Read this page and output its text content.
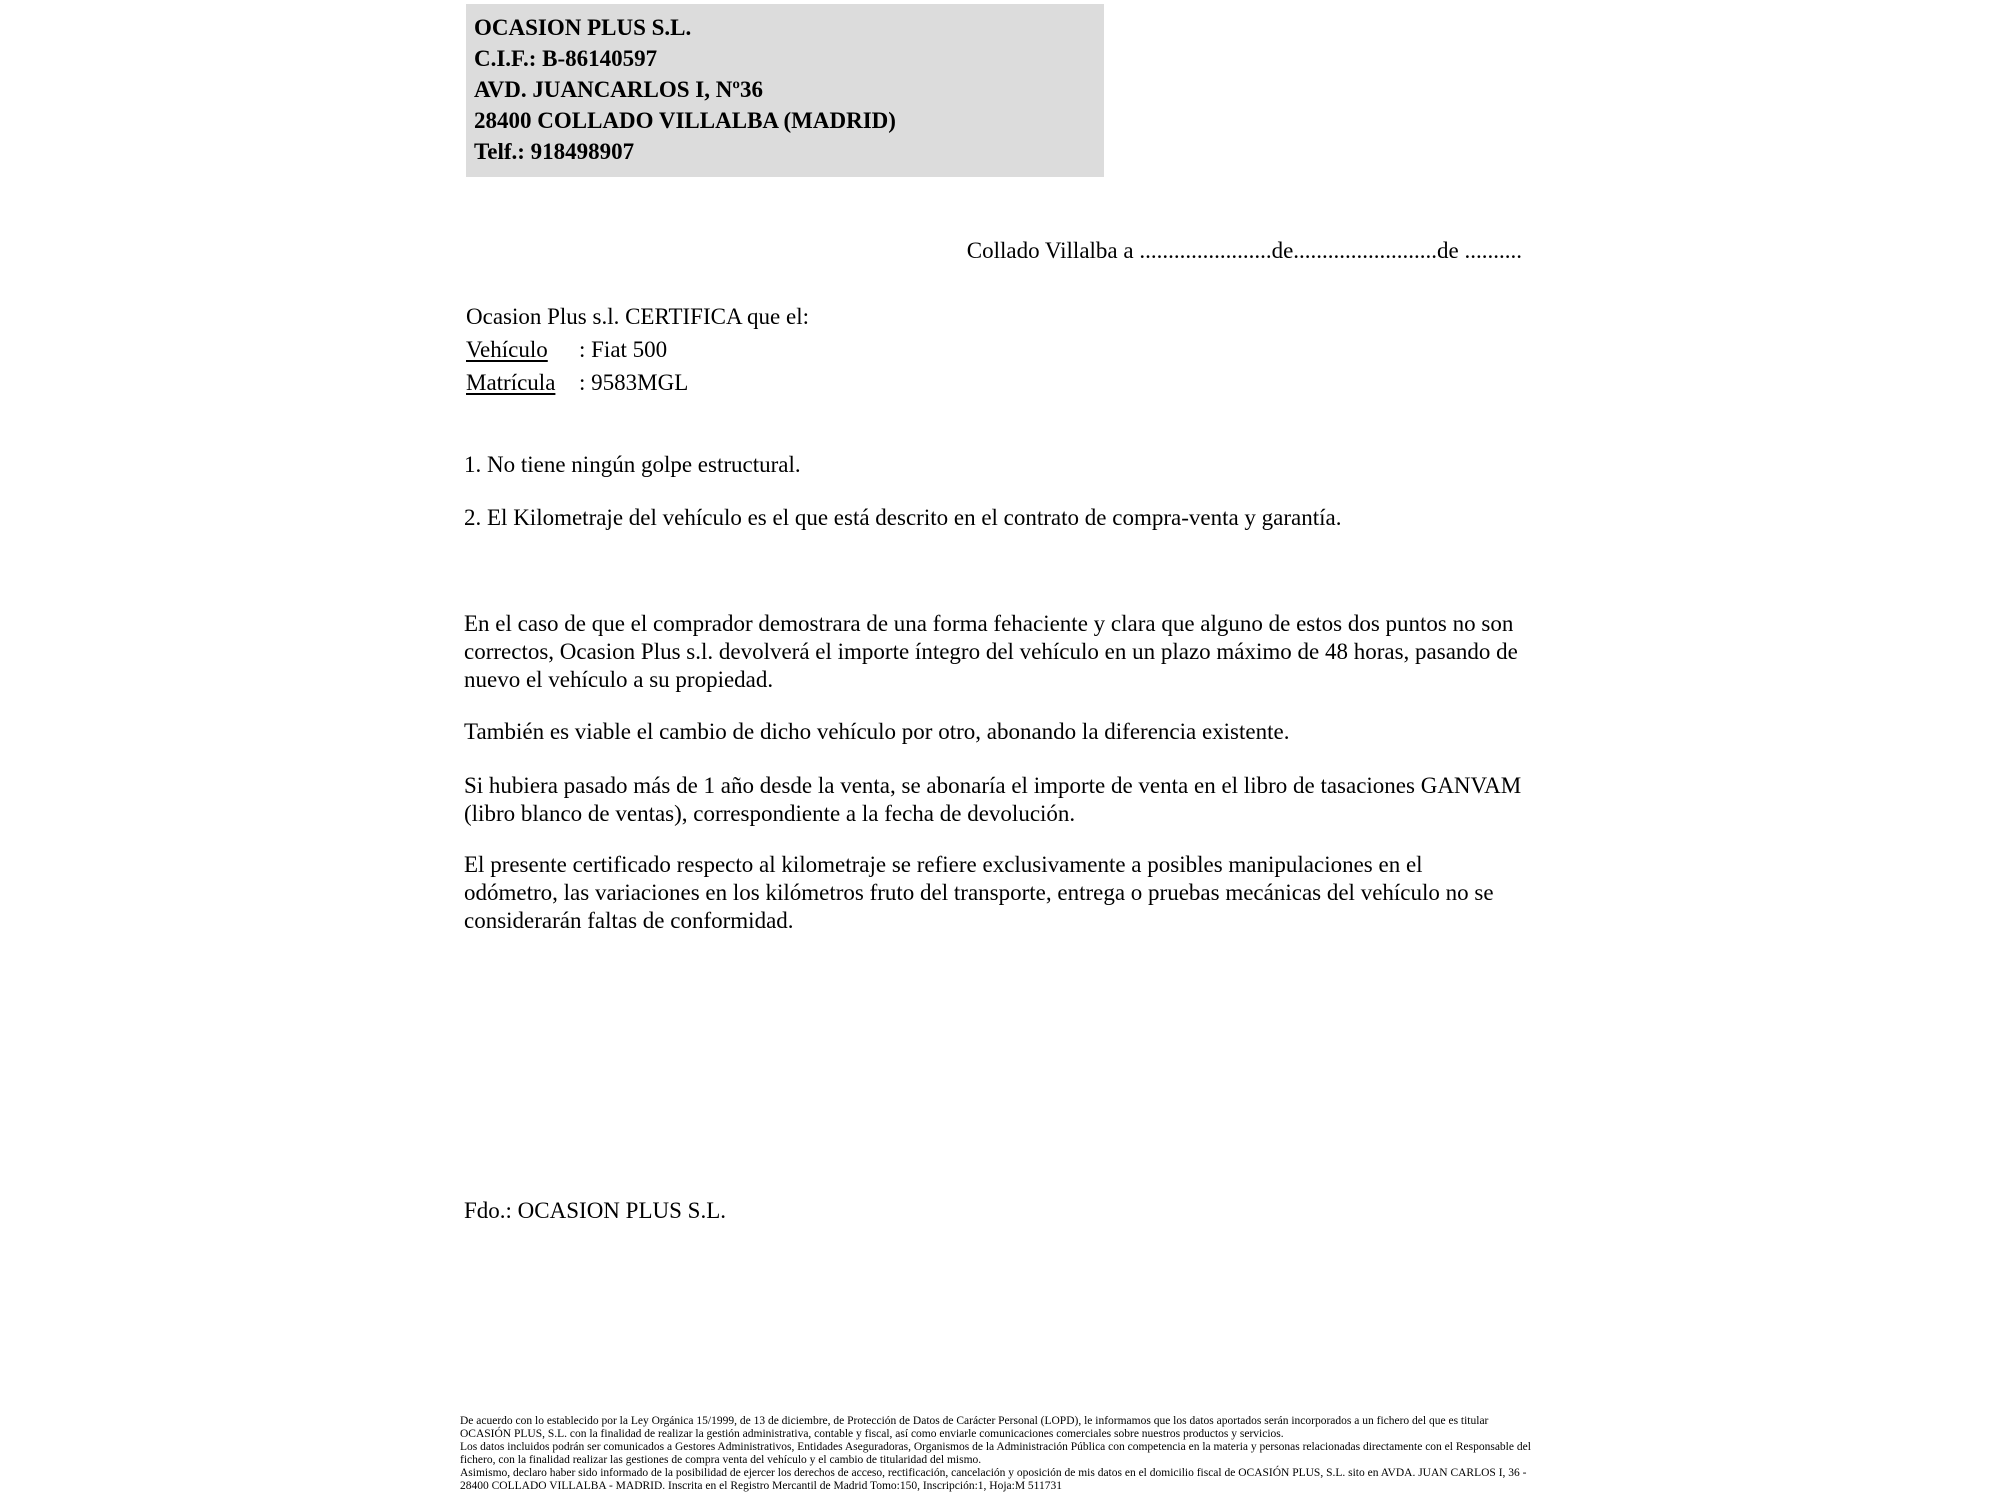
OCASION PLUS S.L.
C.I.F.: B-86140597
AVD. JUANCARLOS I, Nº36
28400 COLLADO VILLALBA (MADRID)
Telf.: 918498907
Collado Villalba a .......................de.........................de ..........
Ocasion Plus s.l. CERTIFICA que el:
Vehículo : Fiat 500
Matrícula : 9583MGL
1. No tiene ningún golpe estructural.
2. El Kilometraje del vehículo es el que está descrito en el contrato de compra-venta y garantía.
En el caso de que el comprador demostrara de una forma fehaciente y clara que alguno de estos dos puntos no son correctos, Ocasion Plus s.l. devolverá el importe íntegro del vehículo en un plazo máximo de 48 horas, pasando de nuevo el vehículo a su propiedad.
También es viable el cambio de dicho vehículo por otro, abonando la diferencia existente.
Si hubiera pasado más de 1 año desde la venta, se abonaría el importe de venta en el libro de tasaciones GANVAM (libro blanco de ventas), correspondiente a la fecha de devolución.
El presente certificado respecto al kilometraje se refiere exclusivamente a posibles manipulaciones en el odómetro, las variaciones en los kilómetros fruto del transporte, entrega o pruebas mecánicas del vehículo no se considerarán faltas de conformidad.
Fdo.: OCASION PLUS S.L.

De acuerdo con lo establecido por la Ley Orgánica 15/1999, de 13 de diciembre, de Protección de Datos de Carácter Personal (LOPD), le informamos que los datos aportados serán incorporados a un fichero del que es titular OCASIÓN PLUS, S.L. con la finalidad de realizar la gestión administrativa, contable y fiscal, así como enviarle comunicaciones comerciales sobre nuestros productos y servicios.

Los datos incluidos podrán ser comunicados a Gestores Administrativos, Entidades Aseguradoras, Organismos de la Administración Pública con competencia en la materia y personas relacionadas directamente con el Responsable del fichero, con la finalidad realizar las gestiones de compra venta del vehículo y el cambio de titularidad del mismo.

Asimismo, declaro haber sido informado de la posibilidad de ejercer los derechos de acceso, rectificación, cancelación y oposición de mis datos en el domicilio fiscal de OCASIÓN PLUS, S.L. sito en AVDA. JUAN CARLOS I, 36 - 28400 COLLADO VILLALBA - MADRID. Inscrita en el Registro Mercantil de Madrid Tomo:150, Inscripción:1, Hoja:M 511731
